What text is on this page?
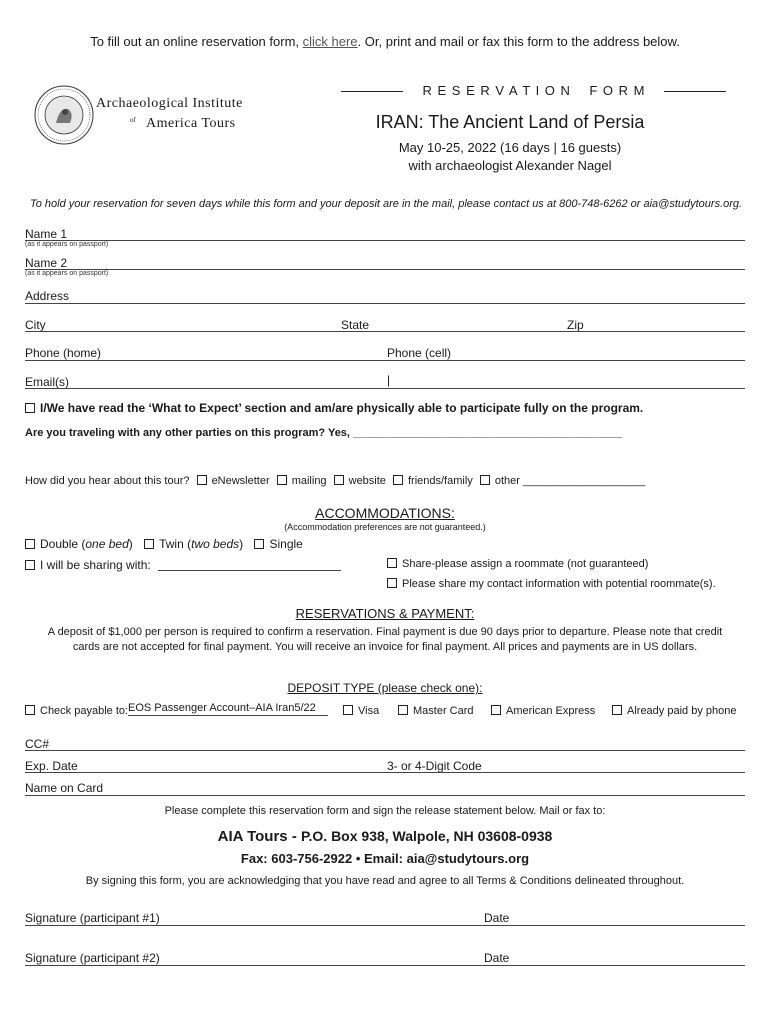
To fill out an online reservation form, click here. Or, print and mail or fax this form to the address below.
Archaeological Institute
of America Tours
R E S E R V A T I O N    F O R M
IRAN: The Ancient Land of Persia
May 10-25, 2022 (16 days | 16 guests)
with archaeologist Alexander Nagel
To hold your reservation for seven days while this form and your deposit are in the mail, please contact us at 800-748-6262 or aia@studytours.org.
Name 1
(as it appears on passport)
Name 2
(as it appears on passport)
Address
City	State	Zip
Phone (home)	Phone (cell)
Email(s)	|
I/We have read the ‘What to Expect’ section and am/are physically able to participate fully on the program.
Are you traveling with any other parties on this program? Yes, ____________________________________________
How did you hear about this tour? eNewsletter mailing website friends/family other ____________________
ACCOMMODATIONS:
(Accommodation preferences are not guaranteed.)
Double (one bed) Twin (two beds) Single
I will be sharing with:	Share-please assign a roommate (not guaranteed)
Please share my contact information with potential roommate(s).
RESERVATIONS & PAYMENT:
A deposit of $1,000 per person is required to confirm a reservation. Final payment is due 90 days prior to departure. Please note that credit
cards are not accepted for final payment. You will receive an invoice for final payment. All prices and payments are in US dollars.
DEPOSIT TYPE (please check one):
Check payable to: EOS Passenger Account–AIA Iran5/22	Visa	Master Card	American Express	Already paid by phone
CC#
Exp. Date	3- or 4-Digit Code
Name on Card
Please complete this reservation form and sign the release statement below. Mail or fax to:
AIA Tours - P.O. Box 938, Walpole, NH 03608-0938
Fax: 603-756-2922 • Email: aia@studytours.org
By signing this form, you are acknowledging that you have read and agree to all Terms & Conditions delineated throughout.
Signature (participant #1)	Date
Signature (participant #2)	Date
